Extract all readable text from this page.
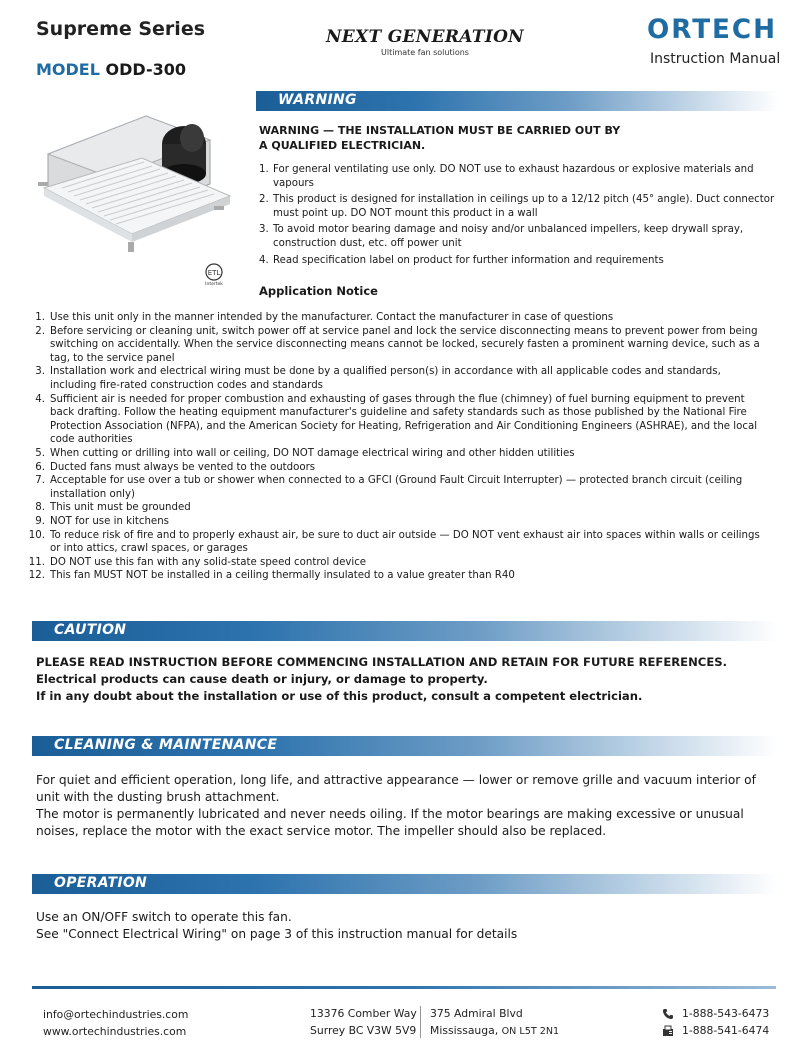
Supreme Series
MODEL ODD-300
NEXT GENERATION
Ultimate fan solutions
ORTECH
Instruction Manual
WARNING
ETL
Intertek
WARNING — THE INSTALLATION MUST BE CARRIED OUT BY
A QUALIFIED ELECTRICIAN.
1. For general ventilating use only. DO NOT use to exhaust hazardous or explosive materials and vapours
2. This product is designed for installation in ceilings up to a 12/12 pitch (45° angle). Duct connector must point up. DO NOT mount this product in a wall
3. To avoid motor bearing damage and noisy and/or unbalanced impellers, keep drywall spray, construction dust, etc. off power unit
4. Read specification label on product for further information and requirements
Application Notice
1. Use this unit only in the manner intended by the manufacturer. Contact the manufacturer in case of questions
2. Before servicing or cleaning unit, switch power off at service panel and lock the service disconnecting means to prevent power from being switching on accidentally. When the service disconnecting means cannot be locked, securely fasten a prominent warning device, such as a tag, to the service panel
3. Installation work and electrical wiring must be done by a qualified person(s) in accordance with all applicable codes and standards, including fire-rated construction codes and standards
4. Sufficient air is needed for proper combustion and exhausting of gases through the flue (chimney) of fuel burning equipment to prevent back drafting. Follow the heating equipment manufacturer's guideline and safety standards such as those published by the National Fire Protection Association (NFPA), and the American Society for Heating, Refrigeration and Air Conditioning Engineers (ASHRAE), and the local code authorities
5. When cutting or drilling into wall or ceiling, DO NOT damage electrical wiring and other hidden utilities
6. Ducted fans must always be vented to the outdoors
7. Acceptable for use over a tub or shower when connected to a GFCI (Ground Fault Circuit Interrupter) — protected branch circuit (ceiling installation only)
8. This unit must be grounded
9. NOT for use in kitchens
10. To reduce risk of fire and to properly exhaust air, be sure to duct air outside — DO NOT vent exhaust air into spaces within walls or ceilings or into attics, crawl spaces, or garages
11. DO NOT use this fan with any solid-state speed control device
12. This fan MUST NOT be installed in a ceiling thermally insulated to a value greater than R40
CAUTION
PLEASE READ INSTRUCTION BEFORE COMMENCING INSTALLATION AND RETAIN FOR FUTURE REFERENCES.
Electrical products can cause death or injury, or damage to property.
If in any doubt about the installation or use of this product, consult a competent electrician.
CLEANING & MAINTENANCE
For quiet and efficient operation, long life, and attractive appearance — lower or remove grille and vacuum interior of unit with the dusting brush attachment.
The motor is permanently lubricated and never needs oiling. If the motor bearings are making excessive or unusual noises, replace the motor with the exact service motor. The impeller should also be replaced.
OPERATION
Use an ON/OFF switch to operate this fan.
See "Connect Electrical Wiring" on page 3 of this instruction manual for details
info@ortechindustries.com
www.ortechindustries.com
13376 Comber Way
Surrey BC V3W 5V9
375 Admiral Blvd
Mississauga, ON L5T 2N1
1-888-543-6473
1-888-541-6474
